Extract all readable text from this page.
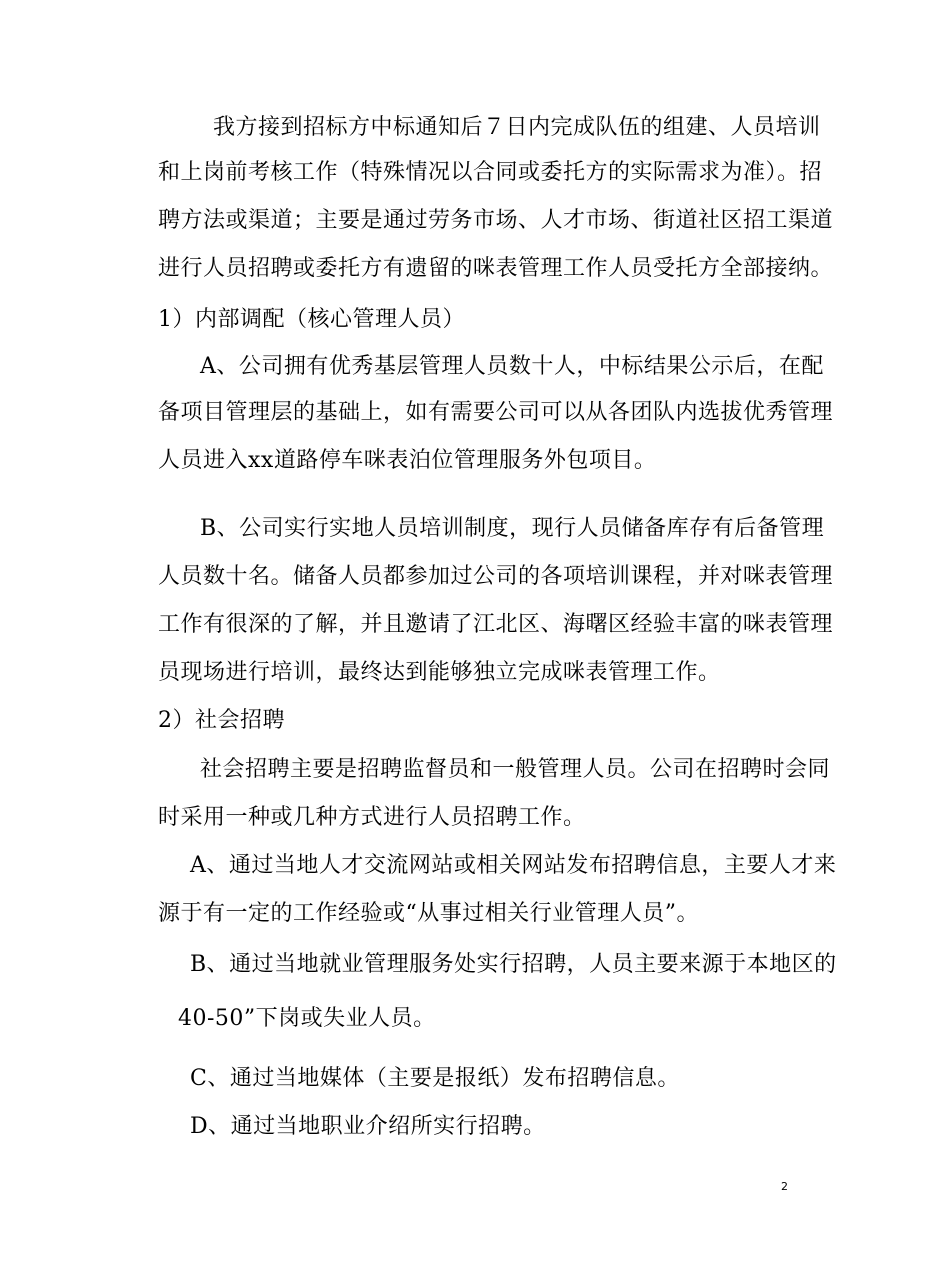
我方接到招标方中标通知后７日内完成队伍的组建、人员培训
和上岗前考核工作（特殊情况以合同或委托方的实际需求为准）。招
聘方法或渠道；主要是通过劳务市场、人才市场、街道社区招工渠道
进行人员招聘或委托方有遗留的咪表管理工作人员受托方全部接纳。
1）内部调配（核心管理人员）
A、公司拥有优秀基层管理人员数十人，中标结果公示后，在配
备项目管理层的基础上，如有需要公司可以从各团队内选拔优秀管理
人员进入xx道路停车咪表泊位管理服务外包项目。
B、公司实行实地人员培训制度，现行人员储备库存有后备管理
人员数十名。储备人员都参加过公司的各项培训课程，并对咪表管理
工作有很深的了解，并且邀请了江北区、海曙区经验丰富的咪表管理
员现场进行培训，最终达到能够独立完成咪表管理工作。
2）社会招聘
社会招聘主要是招聘监督员和一般管理人员。公司在招聘时会同
时采用一种或几种方式进行人员招聘工作。
A、通过当地人才交流网站或相关网站发布招聘信息，主要人才来
源于有一定的工作经验或“从事过相关行业管理人员”。
B、通过当地就业管理服务处实行招聘，人员主要来源于本地区的
40-50”下岗或失业人员。
C、通过当地媒体（主要是报纸）发布招聘信息。
D、通过当地职业介绍所实行招聘。
2
